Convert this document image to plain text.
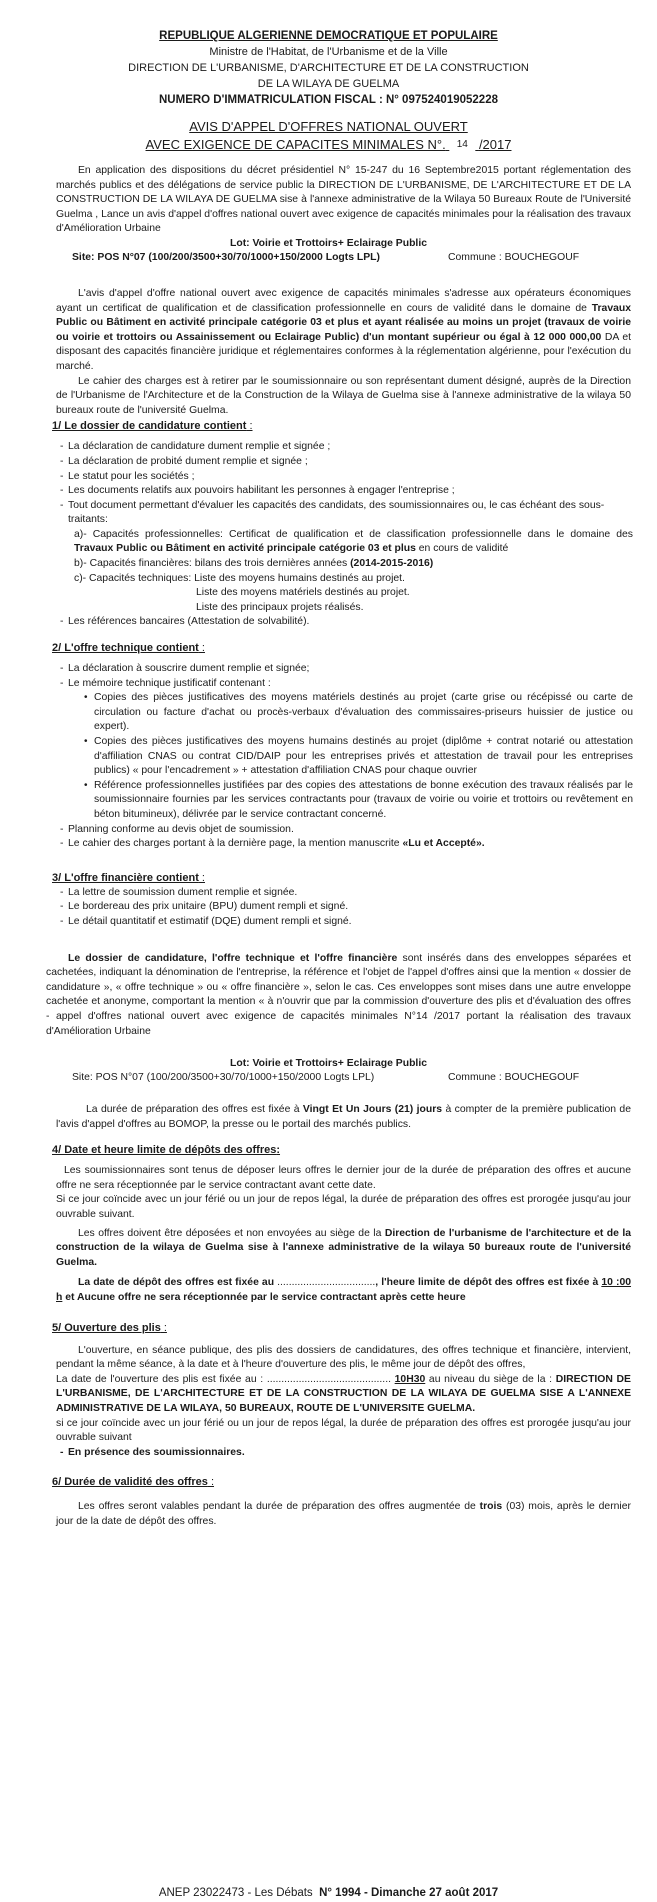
REPUBLIQUE ALGERIENNE DEMOCRATIQUE ET POPULAIRE
Ministre de l'Habitat, de l'Urbanisme et de la Ville
DIRECTION DE L'URBANISME, D'ARCHITECTURE ET DE LA CONSTRUCTION
DE LA WILAYA DE GUELMA
NUMERO D'IMMATRICULATION FISCAL : N° 097524019052228
AVIS D'APPEL D'OFFRES NATIONAL OUVERT
AVEC EXIGENCE DE CAPACITES MINIMALES N°. 14 /2017

En application des dispositions du décret présidentiel N° 15-247 du 16 Septembre2015 portant réglementation des marchés publics et des délégations de service public la DIRECTION DE L'URBANISME, DE L'ARCHITECTURE ET DE LA CONSTRUCTION DE LA WILAYA DE GUELMA sise à l'annexe administrative de la Wilaya 50 Bureaux Route de l'Université Guelma , Lance un avis d'appel d'offres national ouvert avec exigence de capacités minimales pour la réalisation des travaux d'Amélioration Urbaine

Lot: Voirie et Trottoirs+ Eclairage Public
Site: POS N°07 (100/200/3500+30/70/1000+150/2000 Logts LPL)	Commune : BOUCHEGOUF

L'avis d'appel d'offre national ouvert avec exigence de capacités minimales s'adresse aux opérateurs économiques ayant un certificat de qualification et de classification professionnelle en cours de validité dans le domaine de Travaux Public ou Bâtiment en activité principale catégorie 03 et plus et ayant réalisée au moins un projet (travaux de voirie ou voirie et trottoirs ou Assainissement ou Eclairage Public) d'un montant supérieur ou égal à 12 000 000,00 DA et disposant des capacités financière juridique et réglementaires conformes à la réglementation algérienne, pour l'exécution du marché.

Le cahier des charges est à retirer par le soumissionnaire ou son représentant dument désigné, auprès de la Direction de l'Urbanisme de l'Architecture et de la Construction de la Wilaya de Guelma sise à l'annexe administrative de la wilaya 50 bureaux route de l'université Guelma.

1/ Le dossier de candidature contient :
- La déclaration de candidature dument remplie et signée ;
- La déclaration de probité dument remplie et signée ;
- Le statut pour les sociétés ;
- Les documents relatifs aux pouvoirs habilitant les personnes à engager l'entreprise ;
- Tout document permettant d'évaluer les capacités des candidats, des soumissionnaires ou, le cas échéant des sous-traitants:
a)- Capacités professionnelles: Certificat de qualification et de classification professionnelle dans le domaine des Travaux Public ou Bâtiment en activité principale catégorie 03 et plus en cours de validité
b)- Capacités financières: bilans des trois dernières années (2014-2015-2016)
c)- Capacités techniques: Liste des moyens humains destinés au projet.
Liste des moyens matériels destinés au projet.
Liste des principaux projets réalisés.
- Les références bancaires (Attestation de solvabilité).
2/ L'offre technique contient :
- La déclaration à souscrire dument remplie et signée;
- Le mémoire technique justificatif contenant :
• Copies des pièces justificatives des moyens matériels destinés au projet (carte grise ou récépissé ou carte de circulation ou facture d'achat ou procès-verbaux d'évaluation des commissaires-priseurs huissier de justice ou expert).
• Copies des pièces justificatives des moyens humains destinés au projet (diplôme + contrat notarié ou attestation d'affiliation CNAS ou contrat CID/DAIP pour les entreprises privés et attestation de travail pour les entreprises publics) « pour l'encadrement » + attestation d'affiliation CNAS pour chaque ouvrier
• Référence professionnelles justifiées par des copies des attestations de bonne exécution des travaux réalisés par le soumissionnaire fournies par les services contractants pour (travaux de voirie ou voirie et trottoirs ou revêtement en béton bitumineux), délivrée par le service contractant concerné.
- Planning conforme au devis objet de soumission.
- Le cahier des charges portant à la dernière page, la mention manuscrite «Lu et Accepté».
3/ L'offre financière contient :
- La lettre de soumission dument remplie et signée.
- Le bordereau des prix unitaire (BPU) dument rempli et signé.
- Le détail quantitatif et estimatif (DQE) dument rempli et signé.

Le dossier de candidature, l'offre technique et l'offre financière sont insérés dans des enveloppes séparées et cachetées, indiquant la dénomination de l'entreprise, la référence et l'objet de l'appel d'offres ainsi que la mention « dossier de candidature », « offre technique » ou « offre financière », selon le cas. Ces enveloppes sont mises dans une autre enveloppe cachetée et anonyme, comportant la mention « à n'ouvrir que par la commission d'ouverture des plis et d'évaluation des offres - appel d'offres national ouvert avec exigence de capacités minimales N°14 /2017 portant la réalisation des travaux d'Amélioration Urbaine

Lot: Voirie et Trottoirs+ Eclairage Public
Site: POS N°07 (100/200/3500+30/70/1000+150/2000 Logts LPL)	Commune : BOUCHEGOUF

La durée de préparation des offres est fixée à Vingt Et Un Jours (21) jours à compter de la première publication de l'avis d'appel d'offres au BOMOP, la presse ou le portail des marchés publics.

4/ Date et heure limite de dépôts des offres:

Les soumissionnaires sont tenus de déposer leurs offres le dernier jour de la durée de préparation des offres et aucune offre ne sera réceptionnée par le service contractant avant cette date.

Si ce jour coïncide avec un jour férié ou un jour de repos légal, la durée de préparation des offres est prorogée jusqu'au jour ouvrable suivant.

Les offres doivent être déposées et non envoyées au siège de la Direction de l'urbanisme de l'architecture et de la construction de la wilaya de Guelma sise à l'annexe administrative de la wilaya 50 bureaux route de l'université Guelma.

La date de dépôt des offres est fixée au .................................., l'heure limite de dépôt des offres est fixée à 10 :00 h et Aucune offre ne sera réceptionnée par le service contractant après cette heure

5/ Ouverture des plis :

L'ouverture, en séance publique, des plis des dossiers de candidatures, des offres technique et financière, intervient, pendant la même séance, à la date et à l'heure d'ouverture des plis, le même jour de dépôt des offres,

La date de l'ouverture des plis est fixée au : ........................................... 10H30 au niveau du siège de la : DIRECTION DE L'URBANISME, DE L'ARCHITECTURE ET DE LA CONSTRUCTION DE LA WILAYA DE GUELMA SISE A L'ANNEXE ADMINISTRATIVE DE LA WILAYA, 50 BUREAUX, ROUTE DE L'UNIVERSITE GUELMA.

si ce jour coïncide avec un jour férié ou un jour de repos légal, la durée de préparation des offres est prorogée jusqu'au jour ouvrable suivant

- En présence des soumissionnaires.
6/ Durée de validité des offres :

Les offres seront valables pendant la durée de préparation des offres augmentée de trois (03) mois, après le dernier jour de la date de dépôt des offres.

ANEP 23022473 - Les Débats N° 1994 - Dimanche 27 août 2017
